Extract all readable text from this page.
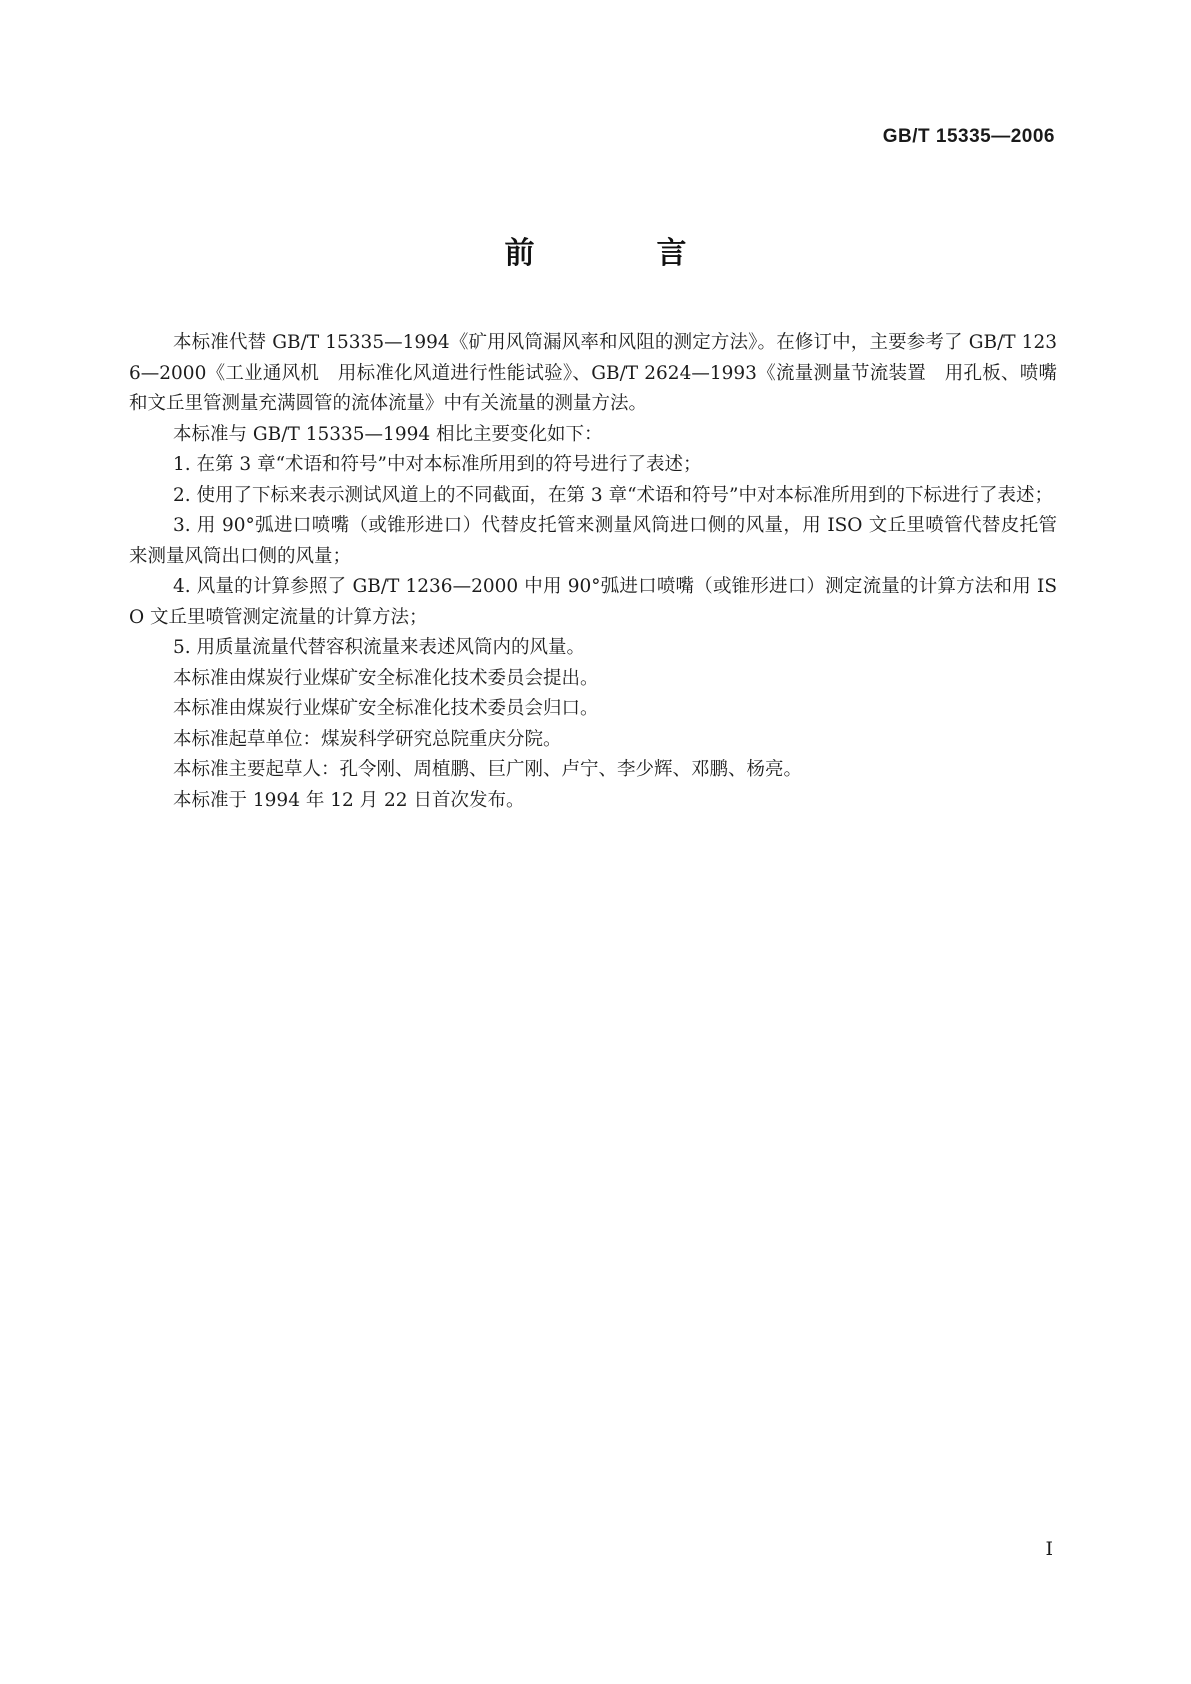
GB/T 15335—2006
前　言

本标准代替 GB/T 15335—1994《矿用风筒漏风率和风阻的测定方法》。在修订中，主要参考了 GB/T 1236—2000《工业通风机　用标准化风道进行性能试验》、GB/T 2624—1993《流量测量节流装置　用孔板、喷嘴和文丘里管测量充满圆管的流体流量》中有关流量的测量方法。

本标准与 GB/T 15335—1994 相比主要变化如下：

1. 在第 3 章“术语和符号”中对本标准所用到的符号进行了表述；

2. 使用了下标来表示测试风道上的不同截面，在第 3 章“术语和符号”中对本标准所用到的下标进行了表述；

3. 用 90°弧进口喷嘴（或锥形进口）代替皮托管来测量风筒进口侧的风量，用 ISO 文丘里喷管代替皮托管来测量风筒出口侧的风量；

4. 风量的计算参照了 GB/T 1236—2000 中用 90°弧进口喷嘴（或锥形进口）测定流量的计算方法和用 ISO 文丘里喷管测定流量的计算方法；

5. 用质量流量代替容积流量来表述风筒内的风量。

本标准由煤炭行业煤矿安全标准化技术委员会提出。

本标准由煤炭行业煤矿安全标准化技术委员会归口。

本标准起草单位：煤炭科学研究总院重庆分院。

本标准主要起草人：孔令刚、周植鹏、巨广刚、卢宁、李少辉、邓鹏、杨亮。

本标准于 1994 年 12 月 22 日首次发布。

I
